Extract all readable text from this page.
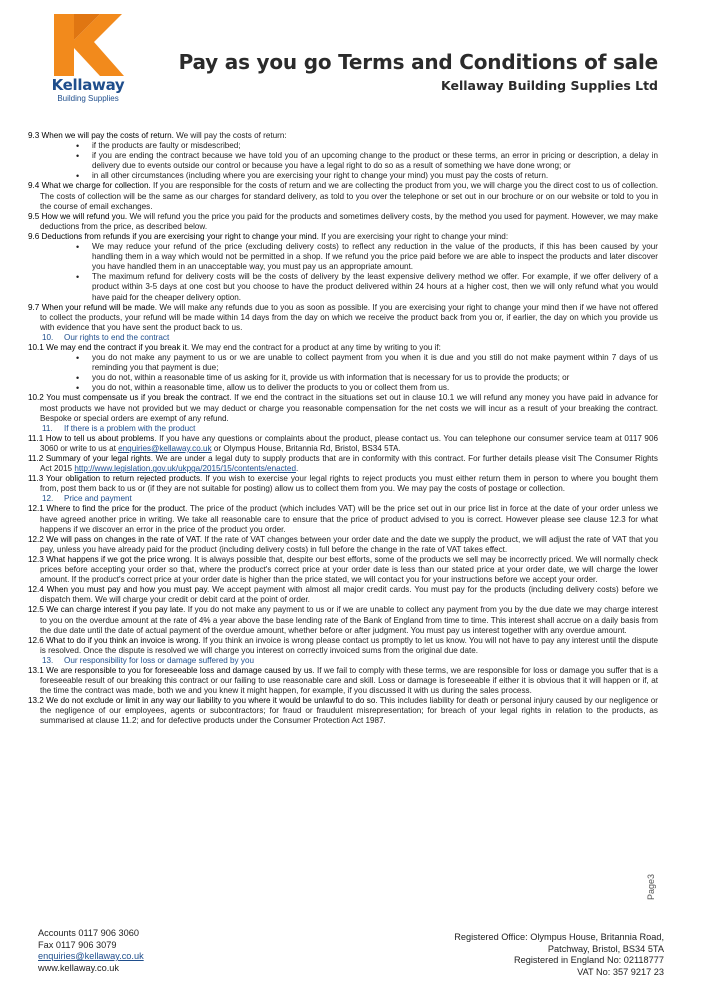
Kellaway
Building Supplies
Pay as you go Terms and Conditions of sale
Kellaway Building Supplies Ltd
9.3 When we will pay the costs of return. We will pay the costs of return:
• if the products are faulty or misdescribed;
• if you are ending the contract because we have told you of an upcoming change to the product or these terms, an error in pricing or description, a delay in delivery due to events outside our control or because you have a legal right to do so as a result of something we have done wrong; or
• in all other circumstances (including where you are exercising your right to change your mind) you must pay the costs of return.
9.4 What we charge for collection. If you are responsible for the costs of return and we are collecting the product from you, we will charge you the direct cost to us of collection. The costs of collection will be the same as our charges for standard delivery, as told to you over the telephone or set out in our brochure or on our website or told to you in the course of email exchanges.
9.5 How we will refund you. We will refund you the price you paid for the products and sometimes delivery costs, by the method you used for payment. However, we may make deductions from the price, as described below.
9.6 Deductions from refunds if you are exercising your right to change your mind. If you are exercising your right to change your mind:
• We may reduce your refund of the price (excluding delivery costs) to reflect any reduction in the value of the products, if this has been caused by your handling them in a way which would not be permitted in a shop. If we refund you the price paid before we are able to inspect the products and later discover you have handled them in an unacceptable way, you must pay us an appropriate amount.
• The maximum refund for delivery costs will be the costs of delivery by the least expensive delivery method we offer. For example, if we offer delivery of a product within 3-5 days at one cost but you choose to have the product delivered within 24 hours at a higher cost, then we will only refund what you would have paid for the cheaper delivery option.
9.7 When your refund will be made. We will make any refunds due to you as soon as possible. If you are exercising your right to change your mind then if we have not offered to collect the products, your refund will be made within 14 days from the day on which we receive the product back from you or, if earlier, the day on which you provide us with evidence that you have sent the product back to us.
10. Our rights to end the contract
10.1 We may end the contract if you break it. We may end the contract for a product at any time by writing to you if:
• you do not make any payment to us or we are unable to collect payment from you when it is due and you still do not make payment within 7 days of us reminding you that payment is due;
• you do not, within a reasonable time of us asking for it, provide us with information that is necessary for us to provide the products; or
• you do not, within a reasonable time, allow us to deliver the products to you or collect them from us.
10.2 You must compensate us if you break the contract. If we end the contract in the situations set out in clause 10.1 we will refund any money you have paid in advance for most products we have not provided but we may deduct or charge you reasonable compensation for the net costs we will incur as a result of your breaking the contract. Bespoke or special orders are exempt of any refund.
11. If there is a problem with the product
11.1 How to tell us about problems. If you have any questions or complaints about the product, please contact us. You can telephone our consumer service team at 0117 906 3060 or write to us at enquiries@kellaway.co.uk or Olympus House, Britannia Rd, Bristol, BS34 5TA.
11.2 Summary of your legal rights. We are under a legal duty to supply products that are in conformity with this contract. For further details please visit The Consumer Rights Act 2015 http://www.legislation.gov.uk/ukpga/2015/15/contents/enacted.
11.3 Your obligation to return rejected products. If you wish to exercise your legal rights to reject products you must either return them in person to where you bought them from, post them back to us or (if they are not suitable for posting) allow us to collect them from you. We may pay the costs of postage or collection.
12. Price and payment
12.1 Where to find the price for the product. The price of the product (which includes VAT) will be the price set out in our price list in force at the date of your order unless we have agreed another price in writing. We take all reasonable care to ensure that the price of product advised to you is correct. However please see clause 12.3 for what happens if we discover an error in the price of the product you order.
12.2 We will pass on changes in the rate of VAT. If the rate of VAT changes between your order date and the date we supply the product, we will adjust the rate of VAT that you pay, unless you have already paid for the product (including delivery costs) in full before the change in the rate of VAT takes effect.
12.3 What happens if we got the price wrong. It is always possible that, despite our best efforts, some of the products we sell may be incorrectly priced. We will normally check prices before accepting your order so that, where the product's correct price at your order date is less than our stated price at your order date, we will charge the lower amount. If the product's correct price at your order date is higher than the price stated, we will contact you for your instructions before we accept your order.
12.4 When you must pay and how you must pay. We accept payment with almost all major credit cards. You must pay for the products (including delivery costs) before we dispatch them. We will charge your credit or debit card at the point of order.
12.5 We can charge interest if you pay late. If you do not make any payment to us or if we are unable to collect any payment from you by the due date we may charge interest to you on the overdue amount at the rate of 4% a year above the base lending rate of the Bank of England from time to time. This interest shall accrue on a daily basis from the due date until the date of actual payment of the overdue amount, whether before or after judgment. You must pay us interest together with any overdue amount.
12.6 What to do if you think an invoice is wrong. If you think an invoice is wrong please contact us promptly to let us know. You will not have to pay any interest until the dispute is resolved. Once the dispute is resolved we will charge you interest on correctly invoiced sums from the original due date.
13. Our responsibility for loss or damage suffered by you
13.1 We are responsible to you for foreseeable loss and damage caused by us. If we fail to comply with these terms, we are responsible for loss or damage you suffer that is a foreseeable result of our breaking this contract or our failing to use reasonable care and skill. Loss or damage is foreseeable if either it is obvious that it will happen or if, at the time the contract was made, both we and you knew it might happen, for example, if you discussed it with us during the sales process.
13.2 We do not exclude or limit in any way our liability to you where it would be unlawful to do so. This includes liability for death or personal injury caused by our negligence or the negligence of our employees, agents or subcontractors; for fraud or fraudulent misrepresentation; for breach of your legal rights in relation to the products, as summarised at clause 11.2; and for defective products under the Consumer Protection Act 1987.
Page3
Accounts 0117 906 3060
Fax 0117 906 3079
enquiries@kellaway.co.uk
www.kellaway.co.uk
Registered Office: Olympus House, Britannia Road,
Patchway, Bristol, BS34 5TA
Registered in England No: 02118777
VAT No: 357 9217 23
